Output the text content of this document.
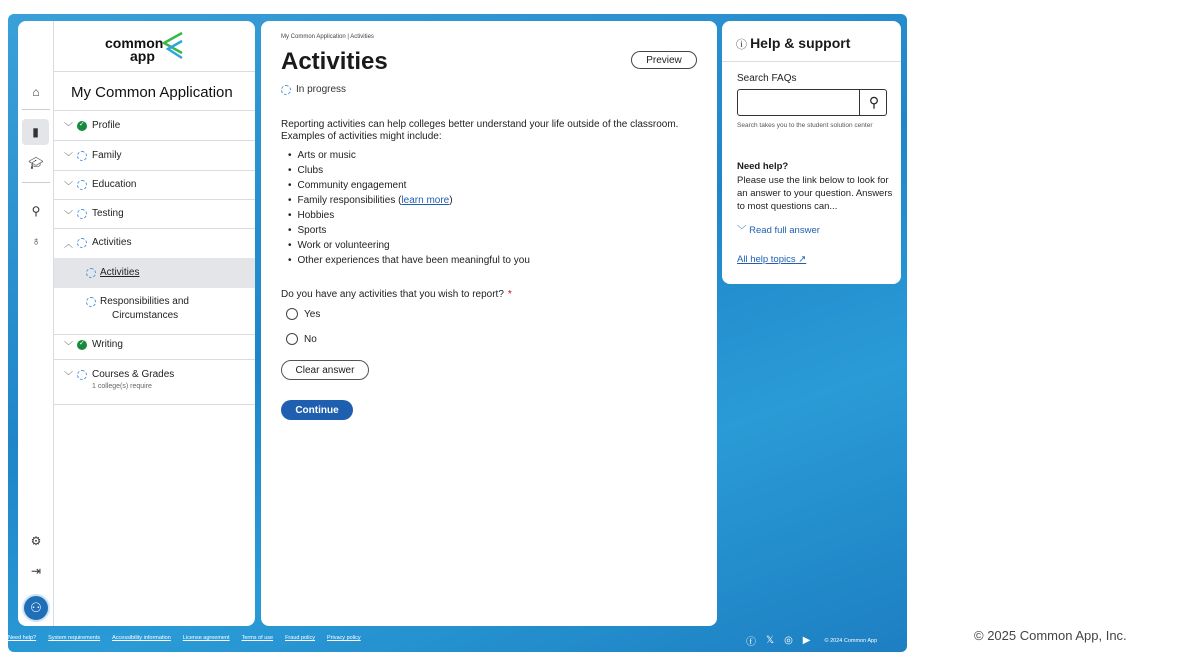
⌂
▮
🎓︎
⚲
♁
⚙
⇥
⚇
common
app
My Common Application
﹀ ✓ Profile
﹀ Family
﹀ Education
﹀ Testing
︿ Activities
Activities
Responsibilities and
Circumstances
﹀ ✓ Writing
﹀ Courses & Grades
1 college(s) require
My Common Application | Activities
Activities	Preview
In progress
Reporting activities can help colleges better understand your life outside of the classroom. Examples of activities might include:
• Arts or music
• Clubs
• Community engagement
• Family responsibilities (learn more)
• Hobbies
• Sports
• Work or volunteering
• Other experiences that have been meaningful to you
Do you have any activities that you wish to report? *
Yes
No
Clear answer
Continue
ⓘ Help & support
Search FAQs
⚲
Search takes you to the student solution center
Need help?
Please use the link below to look for an answer to your question. Answers to most questions can...
﹀ Read full answer
All help topics ↗
Need help? System requirements Accessibility information License agreement Terms of use Fraud policy Privacy policy	ⓕ 𝕏 ◎ ▶	© 2024 Common App	© 2025 Common App, Inc.
